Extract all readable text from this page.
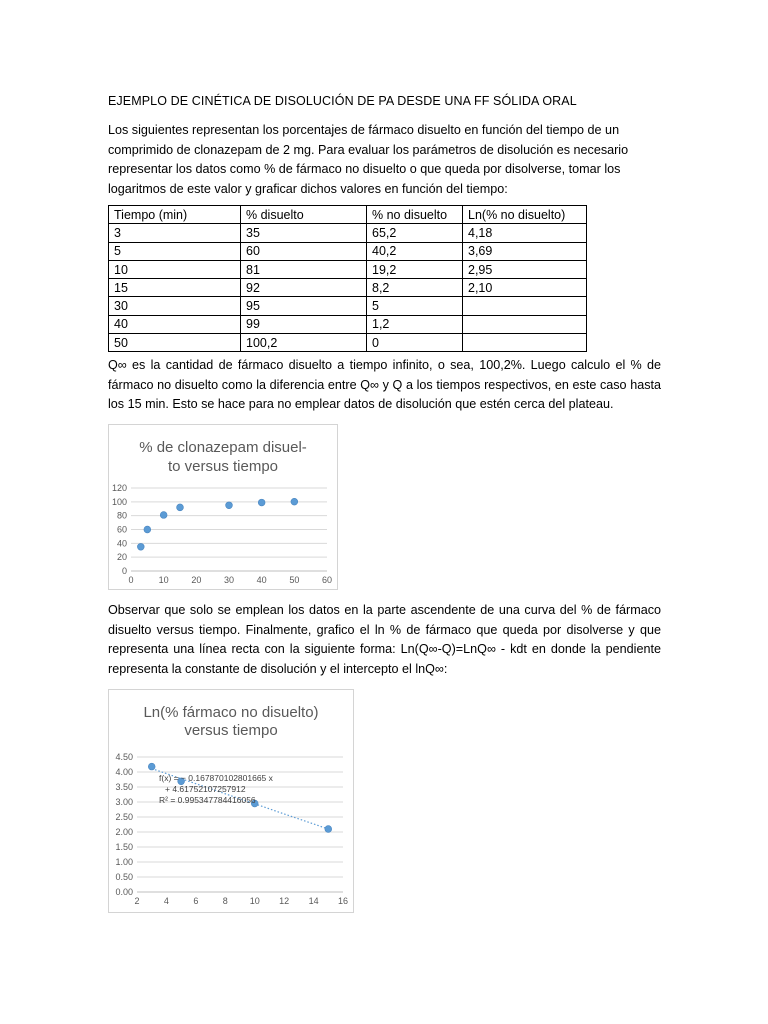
EJEMPLO DE CINÉTICA DE DISOLUCIÓN DE PA DESDE UNA FF SÓLIDA ORAL

Los siguientes representan los porcentajes de fármaco disuelto en función del tiempo de un
comprimido de clonazepam de 2 mg. Para evaluar los parámetros de disolución es necesario
representar los datos como % de fármaco no disuelto o que queda por disolverse, tomar los
logaritmos de este valor y graficar dichos valores en función del tiempo:

Tiempo (min)	% disuelto	% no disuelto	Ln(% no disuelto)
3	35	65,2	4,18
5	60	40,2	3,69
10	81	19,2	2,95
15	92	8,2	2,10
30	95	5	
40	99	1,2	
50	100,2	0	

Q∞ es la cantidad de fármaco disuelto a tiempo infinito, o sea, 100,2%. Luego calculo el % de fármaco no disuelto como la diferencia entre Q∞ y Q a los tiempos respectivos, en este caso hasta los 15 min. Esto se hace para no emplear datos de disolución que estén cerca del plateau.

% de clonazepam disuel-
to versus tiempo
0
20
40
60
80
100
120
0	10	20	30	40	50	60

Observar que solo se emplean los datos en la parte ascendente de una curva del % de fármaco disuelto versus tiempo. Finalmente, grafico el ln % de fármaco que queda por disolverse y que representa una línea recta con la siguiente forma: Ln(Q∞-Q)=LnQ∞ - kdt en donde la pendiente representa la constante de disolución y el intercepto el lnQ∞:

Ln(% fármaco no disuelto)
versus tiempo
0.00
0.50
1.00
1.50
2.00
2.50
3.00
3.50
4.00
4.50
2	4	6	8 10 12 14 16
f(x) = − 0.167870102801665 x
+ 4.61752107257912
R² = 0.995347784416056
